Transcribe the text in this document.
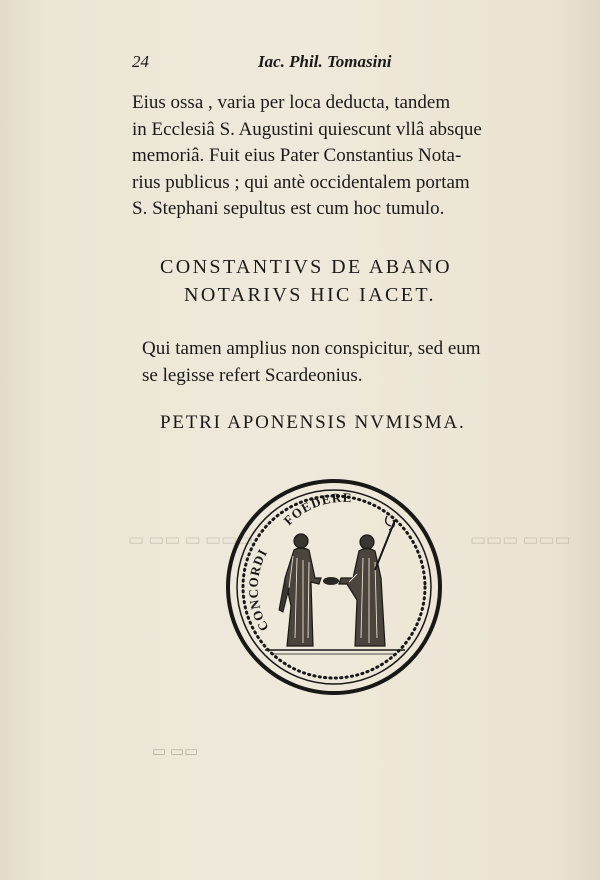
24	Iac. Phil. Tomasini
Eius ossa , varia per loca deducta, tandem
in Ecclesiâ S. Augustini quiescunt vllâ absque
memoriâ. Fuit eius Pater Constantius Nota-
rius publicus ; qui antè occidentalem portam
S. Stephani sepultus est cum hoc tumulo.
CONSTANTIVS DE ABANO
NOTARIVS HIC IACET.
Qui tamen amplius non conspicitur, sed eum
se legisse refert Scardeonius.
PETRI APONENSIS NVMISMA.
▭▭▭ ▭ ▭▭ ▭	▭▭▭ ▭▭▭
CONCORDI
FOEDERE
▭▭ ▭
